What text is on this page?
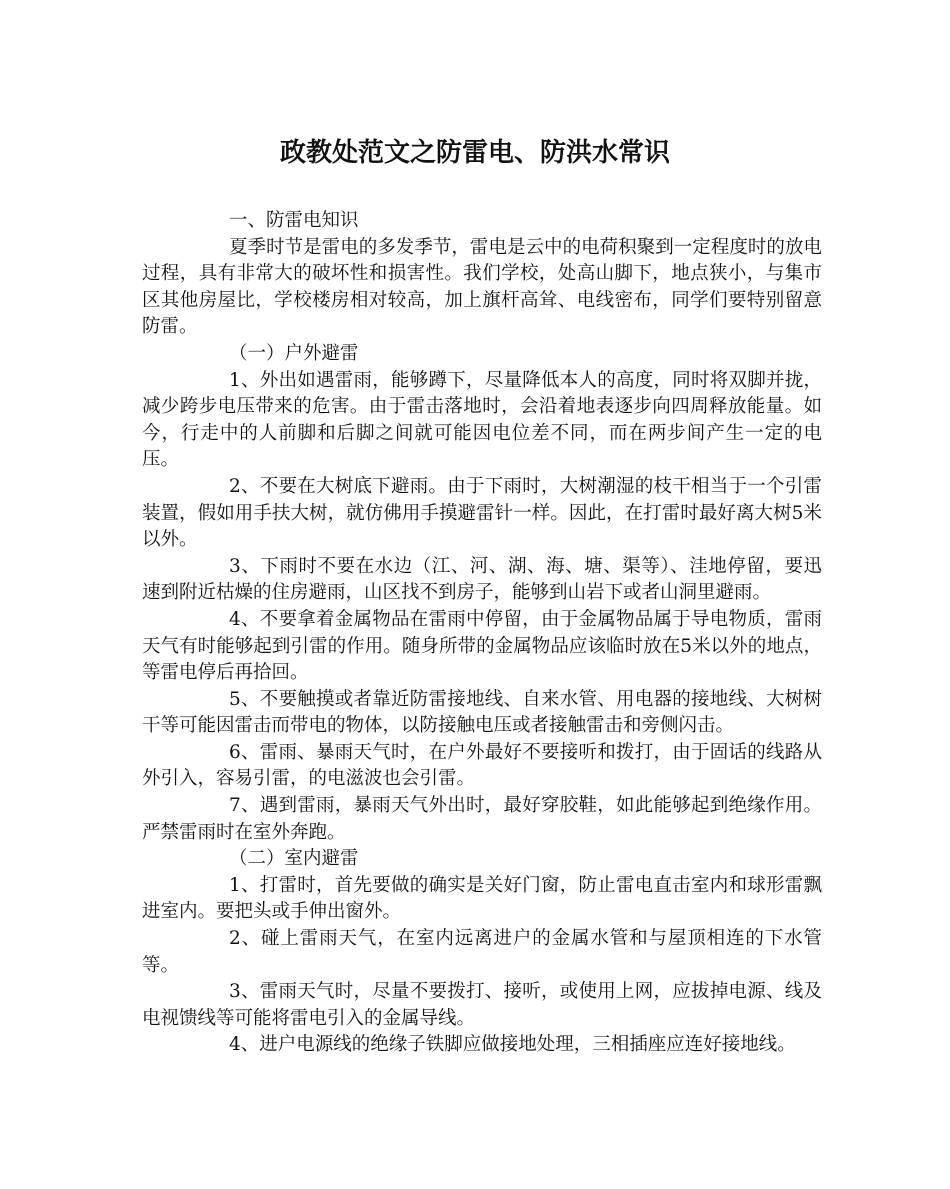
政教处范文之防雷电、防洪水常识

一、防雷电知识

夏季时节是雷电的多发季节，雷电是云中的电荷积聚到一定程度时的放电过程，具有非常大的破坏性和损害性。我们学校，处高山脚下，地点狭小，与集市区其他房屋比，学校楼房相对较高，加上旗杆高耸、电线密布，同学们要特别留意防雷。

（一）户外避雷

1、外出如遇雷雨，能够蹲下，尽量降低本人的高度，同时将双脚并拢，减少跨步电压带来的危害。由于雷击落地时，会沿着地表逐步向四周释放能量。如今，行走中的人前脚和后脚之间就可能因电位差不同，而在两步间产生一定的电压。

2、不要在大树底下避雨。由于下雨时，大树潮湿的枝干相当于一个引雷装置，假如用手扶大树，就仿佛用手摸避雷针一样。因此，在打雷时最好离大树5米以外。

3、下雨时不要在水边（江、河、湖、海、塘、渠等）、洼地停留，要迅速到附近枯燥的住房避雨，山区找不到房子，能够到山岩下或者山洞里避雨。

4、不要拿着金属物品在雷雨中停留，由于金属物品属于导电物质，雷雨天气有时能够起到引雷的作用。随身所带的金属物品应该临时放在5米以外的地点，等雷电停后再拾回。

5、不要触摸或者靠近防雷接地线、自来水管、用电器的接地线、大树树干等可能因雷击而带电的物体，以防接触电压或者接触雷击和旁侧闪击。

6、雷雨、暴雨天气时，在户外最好不要接听和拨打，由于固话的线路从外引入，容易引雷，的电滋波也会引雷。

7、遇到雷雨，暴雨天气外出时，最好穿胶鞋，如此能够起到绝缘作用。严禁雷雨时在室外奔跑。

（二）室内避雷

1、打雷时，首先要做的确实是关好门窗，防止雷电直击室内和球形雷飘进室内。要把头或手伸出窗外。

2、碰上雷雨天气，在室内远离进户的金属水管和与屋顶相连的下水管等。

3、雷雨天气时，尽量不要拨打、接听，或使用上网，应拔掉电源、线及电视馈线等可能将雷电引入的金属导线。

4、进户电源线的绝缘子铁脚应做接地处理，三相插座应连好接地线。
